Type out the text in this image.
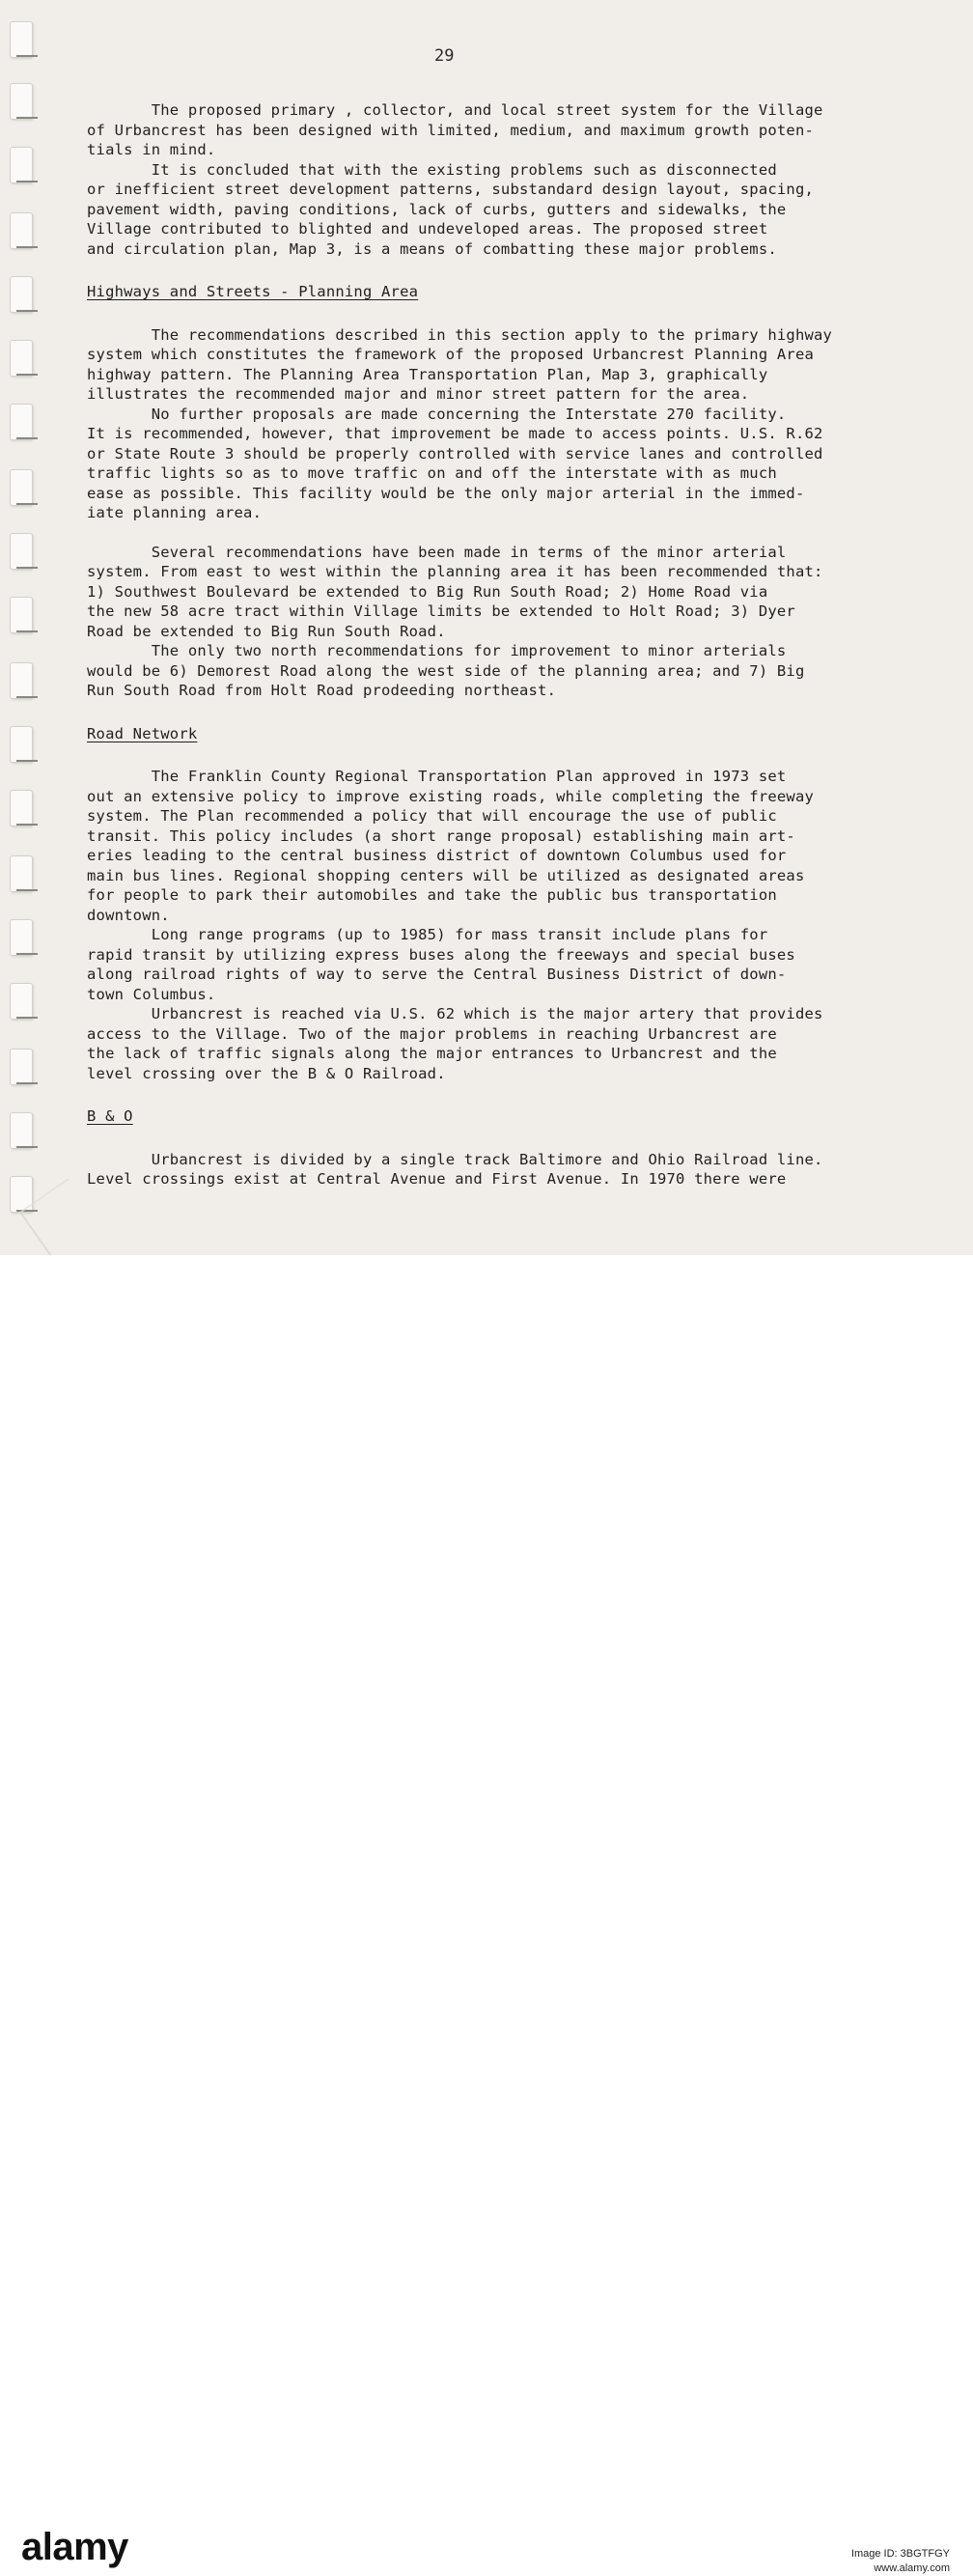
29

The proposed primary , collector, and local street system for the Village

of Urbancrest has been designed with limited, medium, and maximum growth poten-

tials in mind.

It is concluded that with the existing problems such as disconnected

or inefficient street development patterns, substandard design layout, spacing,

pavement width, paving conditions, lack of curbs, gutters and sidewalks, the

Village contributed to blighted and undeveloped areas. The proposed street

and circulation plan, Map 3, is a means of combatting these major problems.

Highways and Streets - Planning Area

The recommendations described in this section apply to the primary highway

system which constitutes the framework of the proposed Urbancrest Planning Area

highway pattern. The Planning Area Transportation Plan, Map 3, graphically

illustrates the recommended major and minor street pattern for the area.

No further proposals are made concerning the Interstate 270 facility.

It is recommended, however, that improvement be made to access points. U.S. R.62

or State Route 3 should be properly controlled with service lanes and controlled

traffic lights so as to move traffic on and off the interstate with as much

ease as possible. This facility would be the only major arterial in the immed-

iate planning area.

Several recommendations have been made in terms of the minor arterial

system. From east to west within the planning area it has been recommended that:

1) Southwest Boulevard be extended to Big Run South Road; 2) Home Road via

the new 58 acre tract within Village limits be extended to Holt Road; 3) Dyer

Road be extended to Big Run South Road.

The only two north recommendations for improvement to minor arterials

would be 6) Demorest Road along the west side of the planning area; and 7) Big

Run South Road from Holt Road prodeeding northeast.

Road Network

The Franklin County Regional Transportation Plan approved in 1973 set

out an extensive policy to improve existing roads, while completing the freeway

system. The Plan recommended a policy that will encourage the use of public

transit. This policy includes (a short range proposal) establishing main art-

eries leading to the central business district of downtown Columbus used for

main bus lines. Regional shopping centers will be utilized as designated areas

for people to park their automobiles and take the public bus transportation

downtown.

Long range programs (up to 1985) for mass transit include plans for

rapid transit by utilizing express buses along the freeways and special buses

along railroad rights of way to serve the Central Business District of down-

town Columbus.

Urbancrest is reached via U.S. 62 which is the major artery that provides

access to the Village. Two of the major problems in reaching Urbancrest are

the lack of traffic signals along the major entrances to Urbancrest and the

level crossing over the B & O Railroad.

B & O

Urbancrest is divided by a single track Baltimore and Ohio Railroad line.

Level crossings exist at Central Avenue and First Avenue. In 1970 there were

alamy	Image ID: 3BGTFGY
www.alamy.com
